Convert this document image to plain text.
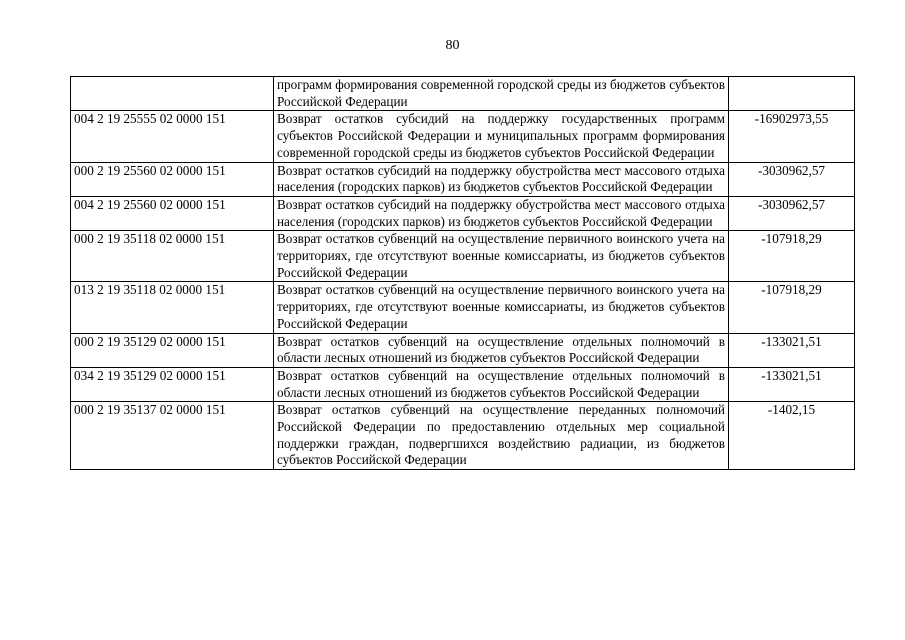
80
	программ формирования современной городской среды из бюджетов субъектов Российской Федерации	
004 2 19 25555 02 0000 151	Возврат остатков субсидий на поддержку государственных программ субъектов Российской Федерации и муниципальных программ формирования современной городской среды из бюджетов субъектов Российской Федерации	-16902973,55
000 2 19 25560 02 0000 151	Возврат остатков субсидий на поддержку обустройства мест массового отдыха населения (городских парков) из бюджетов субъектов Российской Федерации	-3030962,57
004 2 19 25560 02 0000 151	Возврат остатков субсидий на поддержку обустройства мест массового отдыха населения (городских парков) из бюджетов субъектов Российской Федерации	-3030962,57
000 2 19 35118 02 0000 151	Возврат остатков субвенций на осуществление первичного воинского учета на территориях, где отсутствуют военные комиссариаты, из бюджетов субъектов Российской Федерации	-107918,29
013 2 19 35118 02 0000 151	Возврат остатков субвенций на осуществление первичного воинского учета на территориях, где отсутствуют военные комиссариаты, из бюджетов субъектов Российской Федерации	-107918,29
000 2 19 35129 02 0000 151	Возврат остатков субвенций на осуществление отдельных полномочий в области лесных отношений из бюджетов субъектов Российской Федерации	-133021,51
034 2 19 35129 02 0000 151	Возврат остатков субвенций на осуществление отдельных полномочий в области лесных отношений из бюджетов субъектов Российской Федерации	-133021,51
000 2 19 35137 02 0000 151	Возврат остатков субвенций на осуществление переданных полномочий Российской Федерации по предоставлению отдельных мер социальной поддержки граждан, подвергшихся воздействию радиации, из бюджетов субъектов Российской Федерации	-1402,15
